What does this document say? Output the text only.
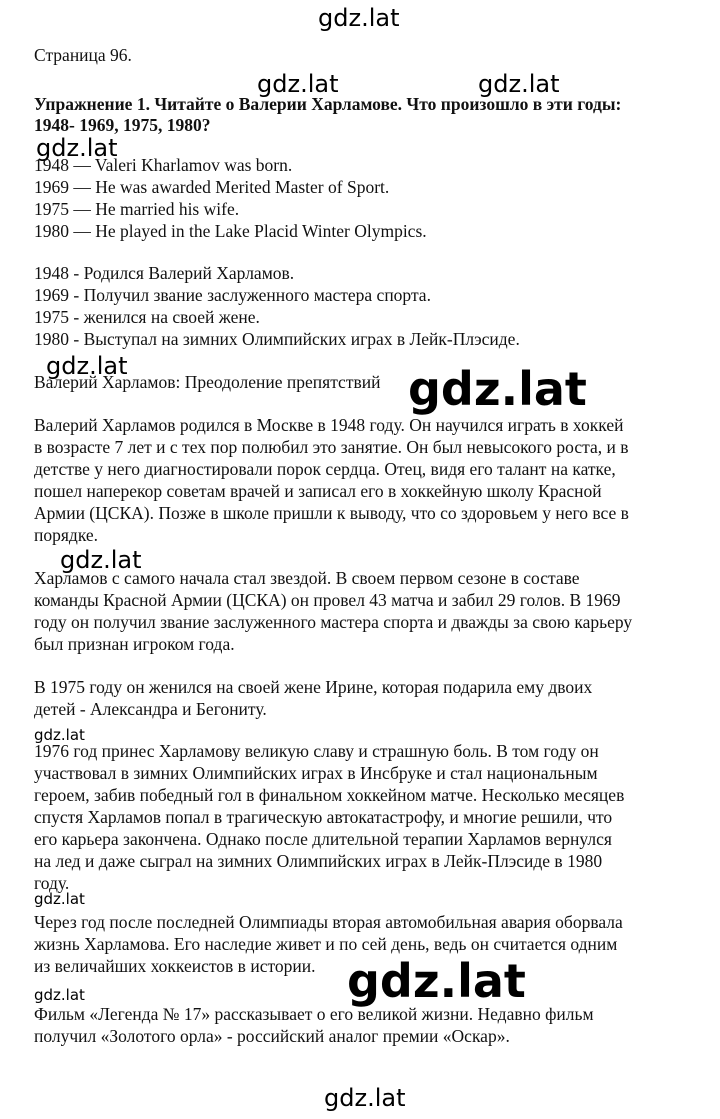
gdz.lat
gdz.lat	gdz.lat
gdz.lat
gdz.lat	gdz.lat
gdz.lat
gdz.lat
gdz.lat
gdz.lat
gdz.lat
gdz.lat
Страница 96.
Упражнение 1. Читайте о Валерии Харламове. Что произошло в эти годы:
1948- 1969, 1975, 1980?
1948 — Valeri Kharlamov was born.
1969 — He was awarded Merited Master of Sport.
1975 — He married his wife.
1980 — He played in the Lake Placid Winter Olympics.
1948 - Родился Валерий Харламов.
1969 - Получил звание заслуженного мастера спорта.
1975 - женился на своей жене.
1980 - Выступал на зимних Олимпийских играх в Лейк-Плэсиде.
Валерий Харламов: Преодоление препятствий
Валерий Харламов родился в Москве в 1948 году. Он научился играть в хоккей
в возрасте 7 лет и с тех пор полюбил это занятие. Он был невысокого роста, и в
детстве у него диагностировали порок сердца. Отец, видя его талант на катке,
пошел наперекор советам врачей и записал его в хоккейную школу Красной
Армии (ЦСКА). Позже в школе пришли к выводу, что со здоровьем у него все в
порядке.
Харламов с самого начала стал звездой. В своем первом сезоне в составе
команды Красной Армии (ЦСКА) он провел 43 матча и забил 29 голов. В 1969
году он получил звание заслуженного мастера спорта и дважды за свою карьеру
был признан игроком года.
В 1975 году он женился на своей жене Ирине, которая подарила ему двоих
детей - Александра и Бегониту.
1976 год принес Харламову великую славу и страшную боль. В том году он
участвовал в зимних Олимпийских играх в Инсбруке и стал национальным
героем, забив победный гол в финальном хоккейном матче. Несколько месяцев
спустя Харламов попал в трагическую автокатастрофу, и многие решили, что
его карьера закончена. Однако после длительной терапии Харламов вернулся
на лед и даже сыграл на зимних Олимпийских играх в Лейк-Плэсиде в 1980
году.
Через год после последней Олимпиады вторая автомобильная авария оборвала
жизнь Харламова. Его наследие живет и по сей день, ведь он считается одним
из величайших хоккеистов в истории.
Фильм «Легенда № 17» рассказывает о его великой жизни. Недавно фильм
получил «Золотого орла» - российский аналог премии «Оскар».
